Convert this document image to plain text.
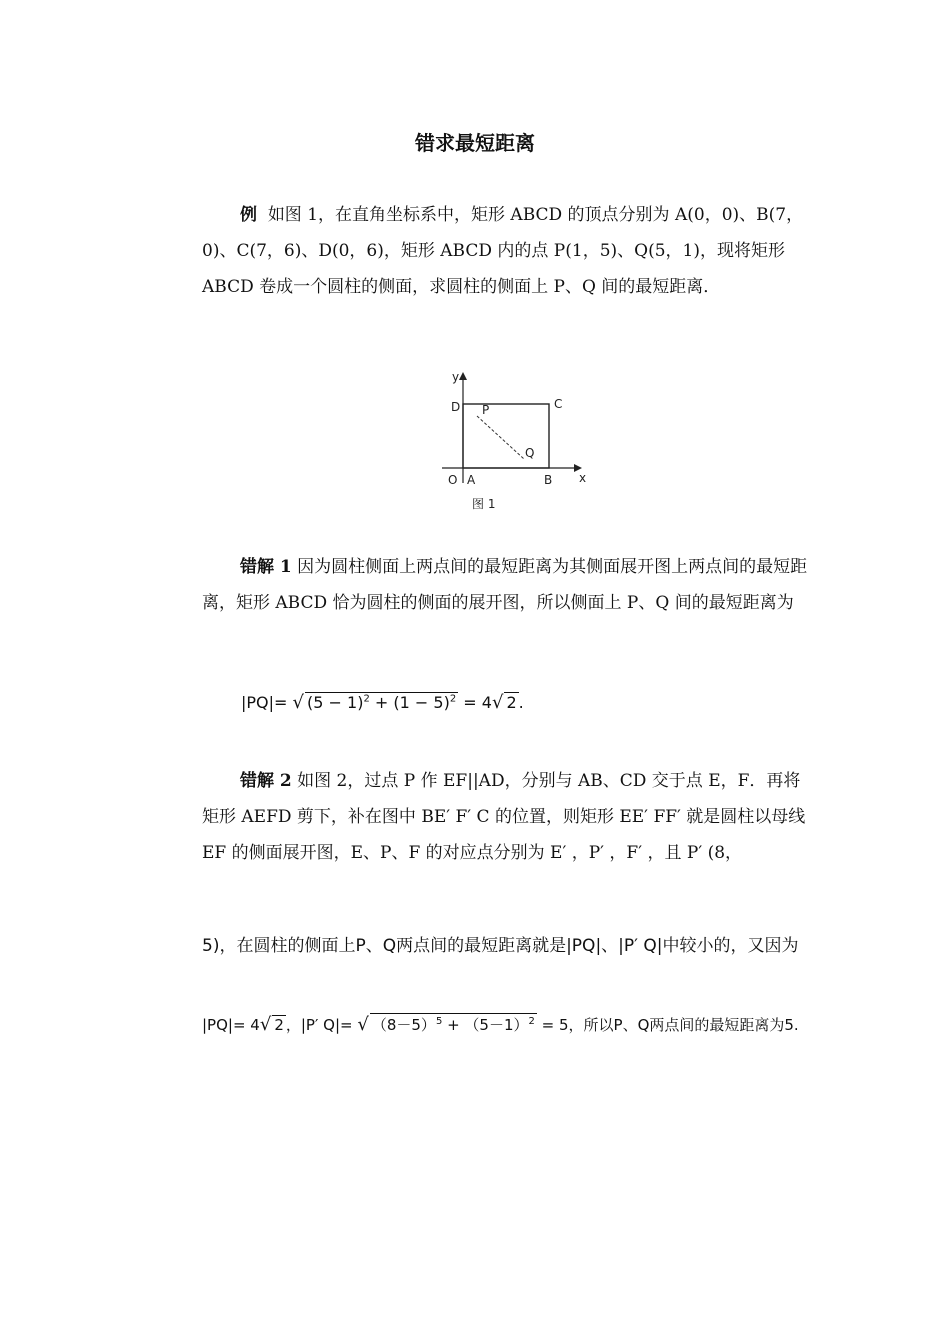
错求最短距离
例 如图 1，在直角坐标系中，矩形 ABCD 的顶点分别为 A(0，0)、B(7，0)、C(7，6)、D(0，6)，矩形 ABCD 内的点 P(1，5)、Q(5，1)，现将矩形 ABCD 卷成一个圆柱的侧面，求圆柱的侧面上 P、Q 间的最短距离．
y
D	C
P
Q
O A	B x
图 1
错解 1 因为圆柱侧面上两点间的最短距离为其侧面展开图上两点间的最短距离，矩形 ABCD 恰为圆柱的侧面的展开图，所以侧面上 P、Q 间的最短距离为
|PQ|= √ $(5 - 1)^2 + (1 - 5)^2 = 4√$ 2 .
错解 2 如图 2，过点 P 作 EF||AD，分别与 AB、CD 交于点 E，F．再将矩形 AEFD 剪下，补在图中 BE′ F′ C 的位置，则矩形 EE′ FF′ 就是圆柱以母线 EF 的侧面展开图，E、P、F 的对应点分别为 E′ ，P′ ，F′ ，且 P′ (8，
5)，在圆柱的侧面上P、Q两点间的最短距离就是|PQ|、|P′ Q|中较小的，又因为
|PQ|= 4√ 2 ，|P′ Q|= √ $(8-5)^5 + (5-1)^2 = 5$，所以P、Q两点间的最短距离为5.
